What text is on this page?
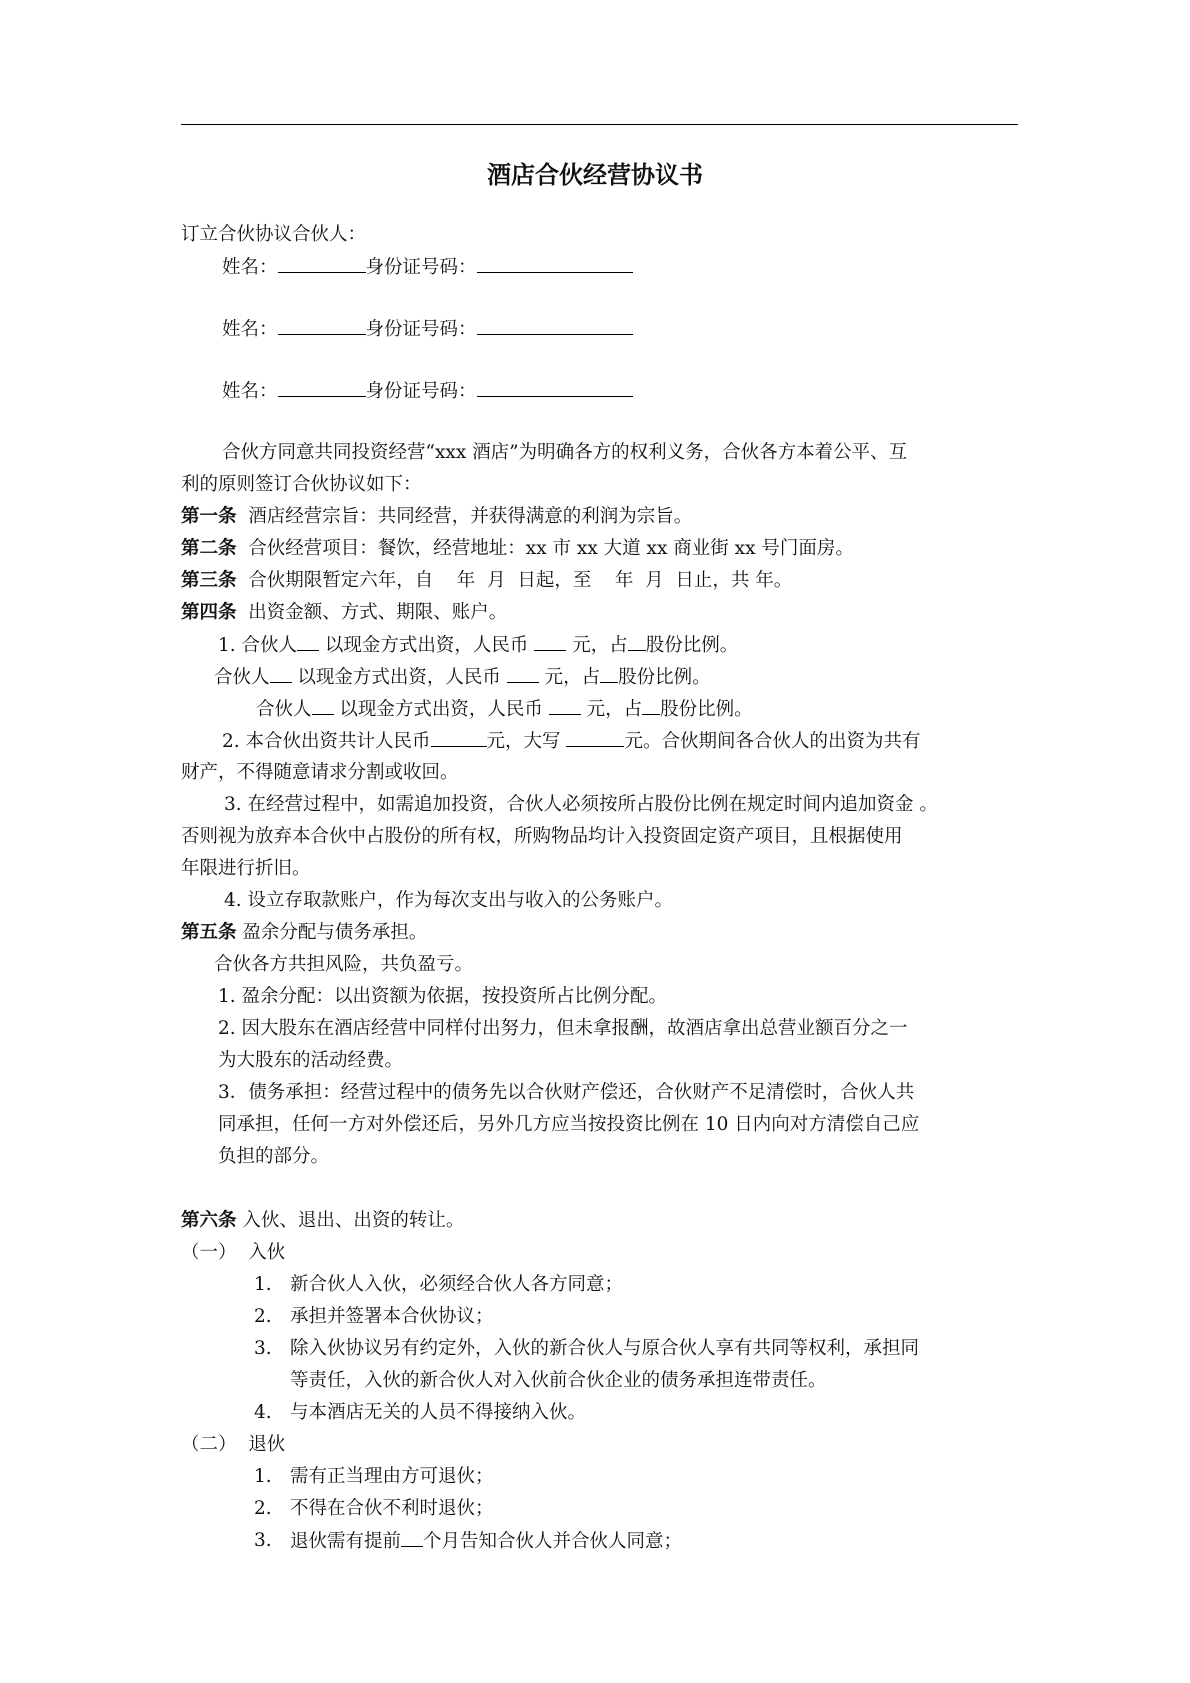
酒店合伙经营协议书
订立合伙协议合伙人：
姓名：	身份证号码：
姓名：	身份证号码：
姓名：	身份证号码：
合伙方同意共同投资经营“xxx 酒店”为明确各方的权利义务，合伙各方本着公平、互
利的原则签订合伙协议如下：
第一条 酒店经营宗旨：共同经营，并获得满意的利润为宗旨。
第二条 合伙经营项目：餐饮，经营地址：xx 市 xx 大道 xx 商业街 xx 号门面房。
第三条 合伙期限暂定六年，自    年  月  日起，至    年  月  日止，共 年。
第四条 出资金额、方式、期限、账户。
1. 合伙人 以现金方式出资，人民币  元，占 股份比例。
合伙人 以现金方式出资，人民币  元，占 股份比例。
合伙人 以现金方式出资，人民币  元，占 股份比例。
2. 本合伙出资共计人民币	元，大写	元。合伙期间各合伙人的出资为共有
财产，不得随意请求分割或收回。
3. 在经营过程中，如需追加投资，合伙人必须按所占股份比例在规定时间内追加资金 。
否则视为放弃本合伙中占股份的所有权，所购物品均计入投资固定资产项目，且根据使用
年限进行折旧。
4. 设立存取款账户，作为每次支出与收入的公务账户。
第五条 盈余分配与债务承担。
合伙各方共担风险，共负盈亏。
1. 盈余分配：以出资额为依据，按投资所占比例分配。
2. 因大股东在酒店经营中同样付出努力，但未拿报酬，故酒店拿出总营业额百分之一
为大股东的活动经费。
3．债务承担：经营过程中的债务先以合伙财产偿还，合伙财产不足清偿时，合伙人共
同承担，任何一方对外偿还后，另外几方应当按投资比例在 10 日内向对方清偿自己应
负担的部分。
第六条 入伙、退出、出资的转让。
（一） 入伙
1. 新合伙人入伙，必须经合伙人各方同意；
2. 承担并签署本合伙协议；
3. 除入伙协议另有约定外，入伙的新合伙人与原合伙人享有共同等权利，承担同
等责任，入伙的新合伙人对入伙前合伙企业的债务承担连带责任。
4. 与本酒店无关的人员不得接纳入伙。
（二） 退伙
1. 需有正当理由方可退伙；
2. 不得在合伙不利时退伙；
3. 退伙需有提前 个月告知合伙人并合伙人同意；
